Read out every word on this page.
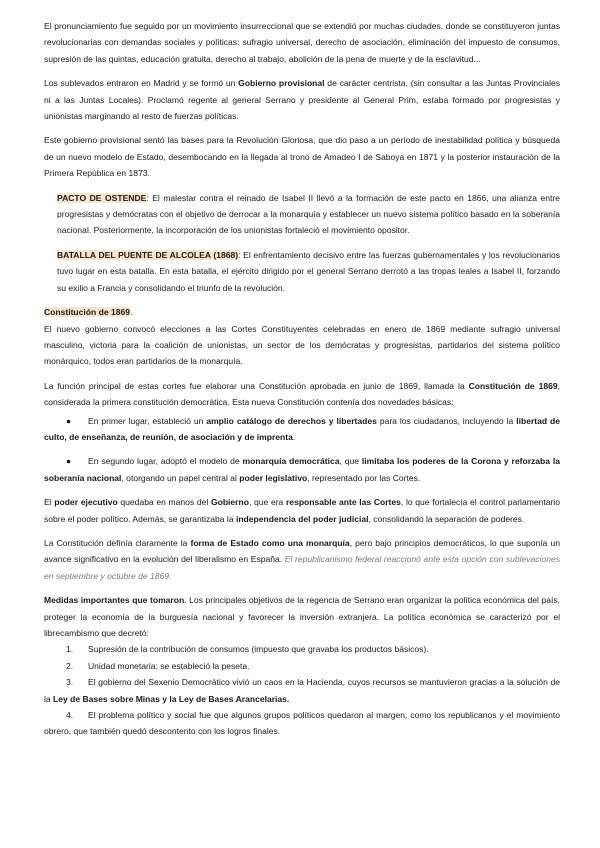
El pronunciamiento fue seguido por un movimiento insurreccional que se extendió por muchas ciudades, donde se constituyeron juntas revolucionarias con demandas sociales y políticas: sufragio universal, derecho de asociación, eliminación del impuesto de consumos, supresión de las quintas, educación gratuita, derecho al trabajo, abolición de la pena de muerte y de la esclavitud...

Los sublevados entraron en Madrid y se formó un Gobierno provisional de carácter centrista. (sin consultar a las Juntas Provinciales ni a las Juntas Locales). Proclamó regente al general Serrano y presidente al General Prim, estaba formado por progresistas y unionistas marginando al resto de fuerzas políticas.

Este gobierno provisional sentó las bases para la Revolución Gloriosa, que dio paso a un período de inestabilidad política y búsqueda de un nuevo modelo de Estado, desembocando en la llegada al trono de Amadeo I de Saboya en 1871 y la posterior instauración de la Primera República en 1873.

PACTO DE OSTENDE: El malestar contra el reinado de Isabel II llevó a la formación de este pacto en 1866, una alianza entre progresistas y demócratas con el objetivo de derrocar a la monarquía y establecer un nuevo sistema político basado en la soberanía nacional. Posteriormente, la incorporación de los unionistas fortaleció el movimiento opositor.

BATALLA DEL PUENTE DE ALCOLEA (1868): El enfrentamiento decisivo entre las fuerzas gubernamentales y los revolucionarios tuvo lugar en esta batalla. En esta batalla, el ejército dirigido por el general Serrano derrotó a las tropas leales a Isabel II, forzando su exilio a Francia y consolidando el triunfo de la revolución.

Constitución de 1869.

El nuevo gobierno convocó elecciones a las Cortes Constituyentes celebradas en enero de 1869 mediante sufragio universal masculino, victoria para la coalición de unionistas, un sector de los demócratas y progresistas, partidarios del sistema político monárquico, todos eran partidarios de la monarquía.

La función principal de estas cortes fue elaborar una Constitución aprobada en junio de 1869, llamada la Constitución de 1869, considerada la primera constitución democrática. Esta nueva Constitución contenía dos novedades básicas:

● En primer lugar, estableció un amplio catálogo de derechos y libertades para los ciudadanos, incluyendo la libertad de culto, de enseñanza, de reunión, de asociación y de imprenta.

● En segundo lugar, adoptó el modelo de monarquía democrática, que limitaba los poderes de la Corona y reforzaba la soberanía nacional, otorgando un papel central al poder legislativo, representado por las Cortes.

El poder ejecutivo quedaba en manos del Gobierno, que era responsable ante las Cortes, lo que fortalecía el control parlamentario sobre el poder político. Además, se garantizaba la independencia del poder judicial, consolidando la separación de poderes.

La Constitución definía claramente la forma de Estado como una monarquía, pero bajo principios democráticos, lo que suponía un avance significativo en la evolución del liberalismo en España. El republicanismo federal reaccionó ante esta opción con sublevaciones en septiembre y octubre de 1869.

Medidas importantes que tomaron. Los principales objetivos de la regencia de Serrano eran organizar la política económica del país, proteger la economía de la burguesía nacional y favorecer la inversión extranjera. La política económica se caracterizó por el librecambismo que decretó:

1. Supresión de la contribución de consumos (impuesto que gravaba los productos básicos).

2. Unidad monetaria: se estableció la peseta.

3. El gobierno del Sexenio Democrático vivió un caos en la Hacienda, cuyos recursos se mantuvieron gracias a la solución de la Ley de Bases sobre Minas y la Ley de Bases Arancelarias.

4. El problema político y social fue que algunos grupos políticos quedaron al margen, como los republicanos y el movimiento obrero, que también quedó descontento con los logros finales.
